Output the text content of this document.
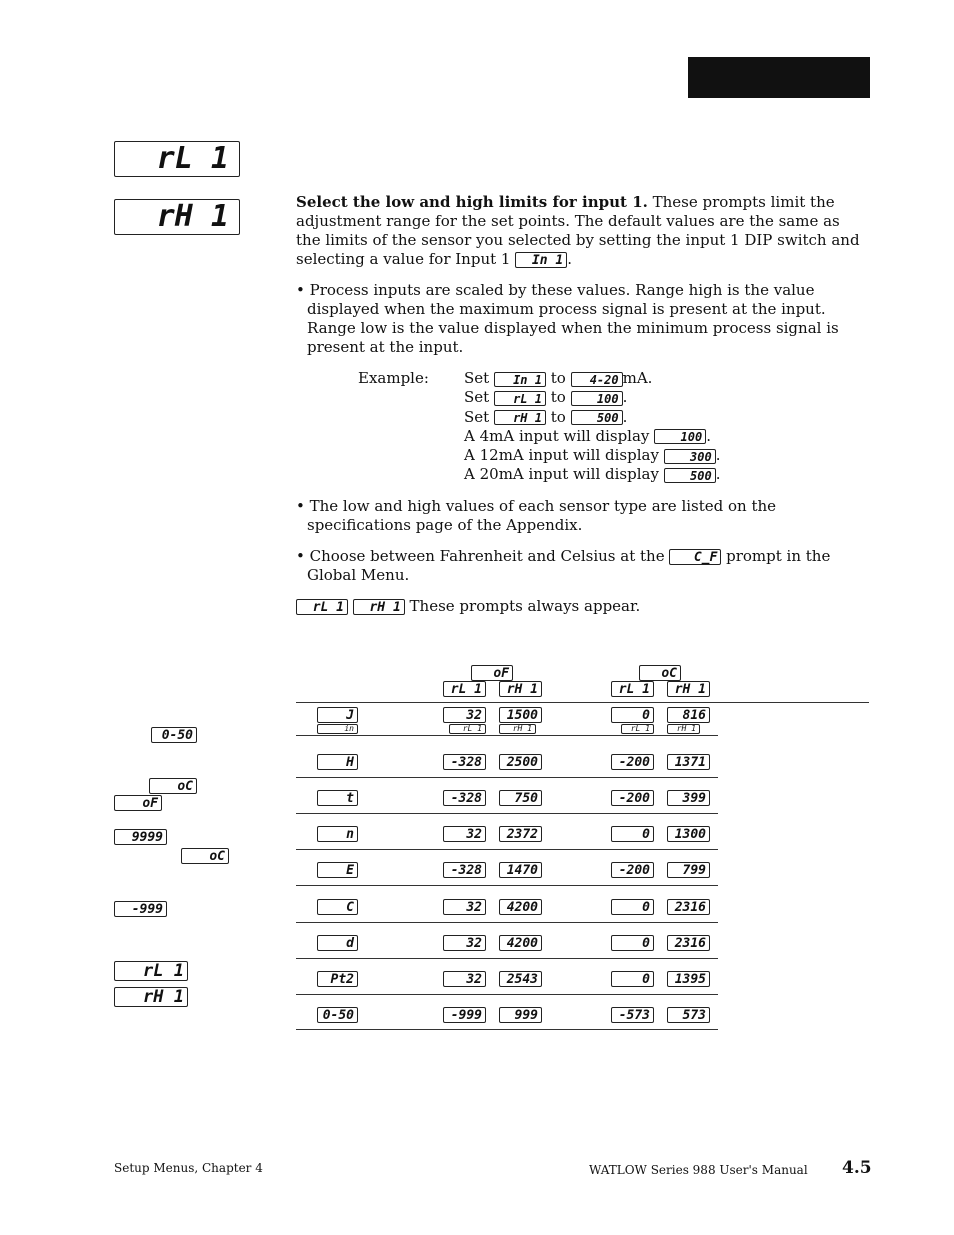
rL 1
rH 1	Select the low and high limits for input 1. These prompts limit the adjustment range for the set points. The default values are the same as the limits of the sensor you selected by setting the input 1 DIP switch and selecting a value for Input 1 In 1 .

• Process inputs are scaled by these values. Range high is the value displayed when the maximum process signal is present at the input. Range low is the value displayed when the minimum process signal is present at the input.
Example:	Set In 1 to 4-20 mA.
Set rL 1 to	100 .
Set rH 1 to	500 .
A 4mA input will display	100 .
A 12mA input will display	300 .
A 20mA input will display	500 .
• The low and high values of each sensor type are listed on the specifications page of the Appendix.
• Choose between Fahrenheit and Celsius at the C_F prompt in the Global Menu.
rL 1 rH 1 These prompts always appear.
0-50
oC
oF
9999
oC
-999
rL 1
rH 1
oF	oC
rL 1	rH 1	rL 1	rH 1
in	rL 1	rH 1	rL 1	rH 1
J	32	1500	0	816
H	-328	2500	-200	1371
t	-328	750	-200	399
n	32	2372	0	1300
E	-328	1470	-200	799
C	32	4200	0	2316
d	32	4200	0	2316
Pt2	32	2543	0	1395
0-50	-999	999	-573	573
Setup Menus, Chapter 4	WATLOW Series 988 User's Manual 4.5
